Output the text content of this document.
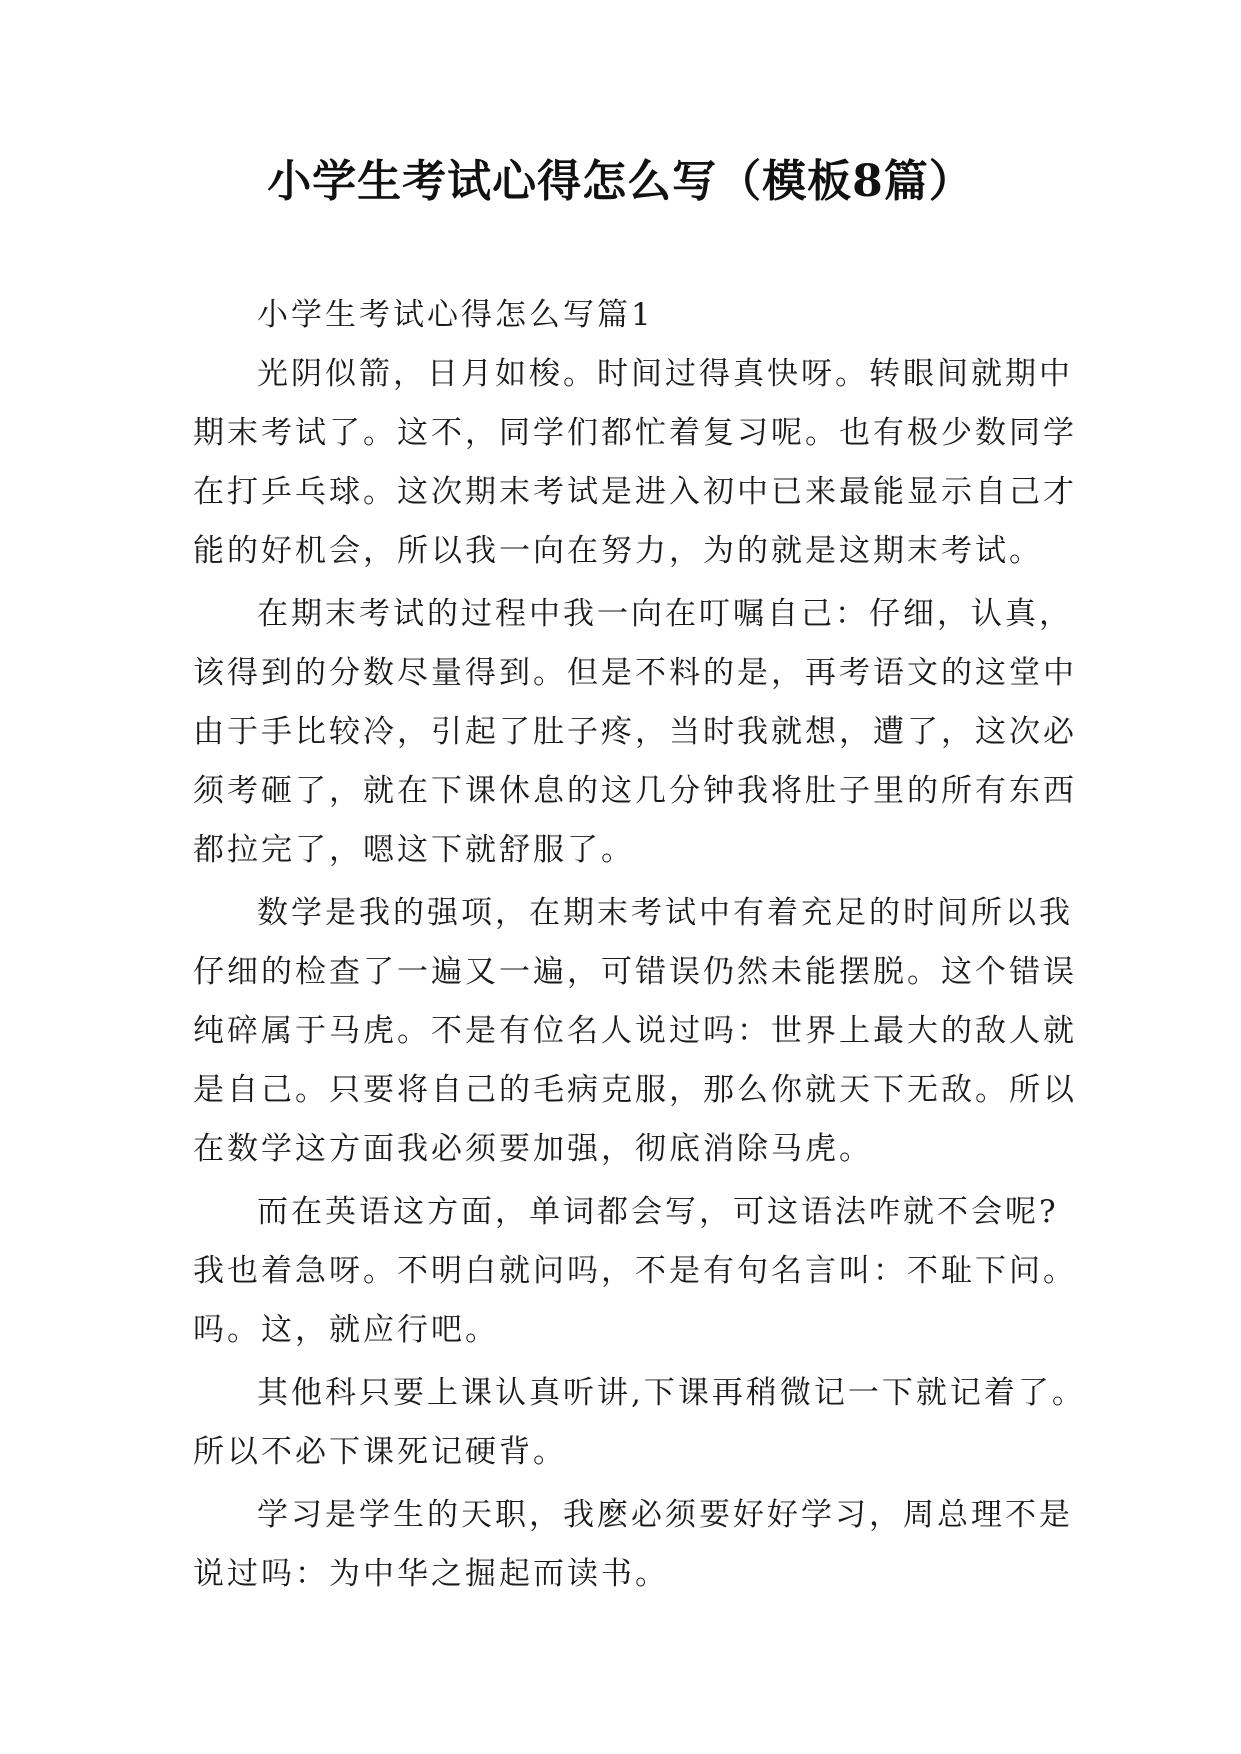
小学生考试心得怎么写（模板8篇）
小学生考试心得怎么写篇1
光阴似箭，日月如梭。时间过得真快呀。转眼间就期中
期末考试了。这不，同学们都忙着复习呢。也有极少数同学
在打乒乓球。这次期末考试是进入初中已来最能显示自己才
能的好机会，所以我一向在努力，为的就是这期末考试。
在期末考试的过程中我一向在叮嘱自己：仔细，认真，
该得到的分数尽量得到。但是不料的是，再考语文的这堂中
由于手比较冷，引起了肚子疼，当时我就想，遭了，这次必
须考砸了，就在下课休息的这几分钟我将肚子里的所有东西
都拉完了，嗯这下就舒服了。
数学是我的强项，在期末考试中有着充足的时间所以我
仔细的检查了一遍又一遍，可错误仍然未能摆脱。这个错误
纯碎属于马虎。不是有位名人说过吗：世界上最大的敌人就
是自己。只要将自己的毛病克服，那么你就天下无敌。所以
在数学这方面我必须要加强，彻底消除马虎。
而在英语这方面，单词都会写，可这语法咋就不会呢?
我也着急呀。不明白就问吗，不是有句名言叫：不耻下问。
吗。这，就应行吧。
其他科只要上课认真听讲,下课再稍微记一下就记着了。
所以不必下课死记硬背。
学习是学生的天职，我麽必须要好好学习，周总理不是
说过吗：为中华之掘起而读书。
